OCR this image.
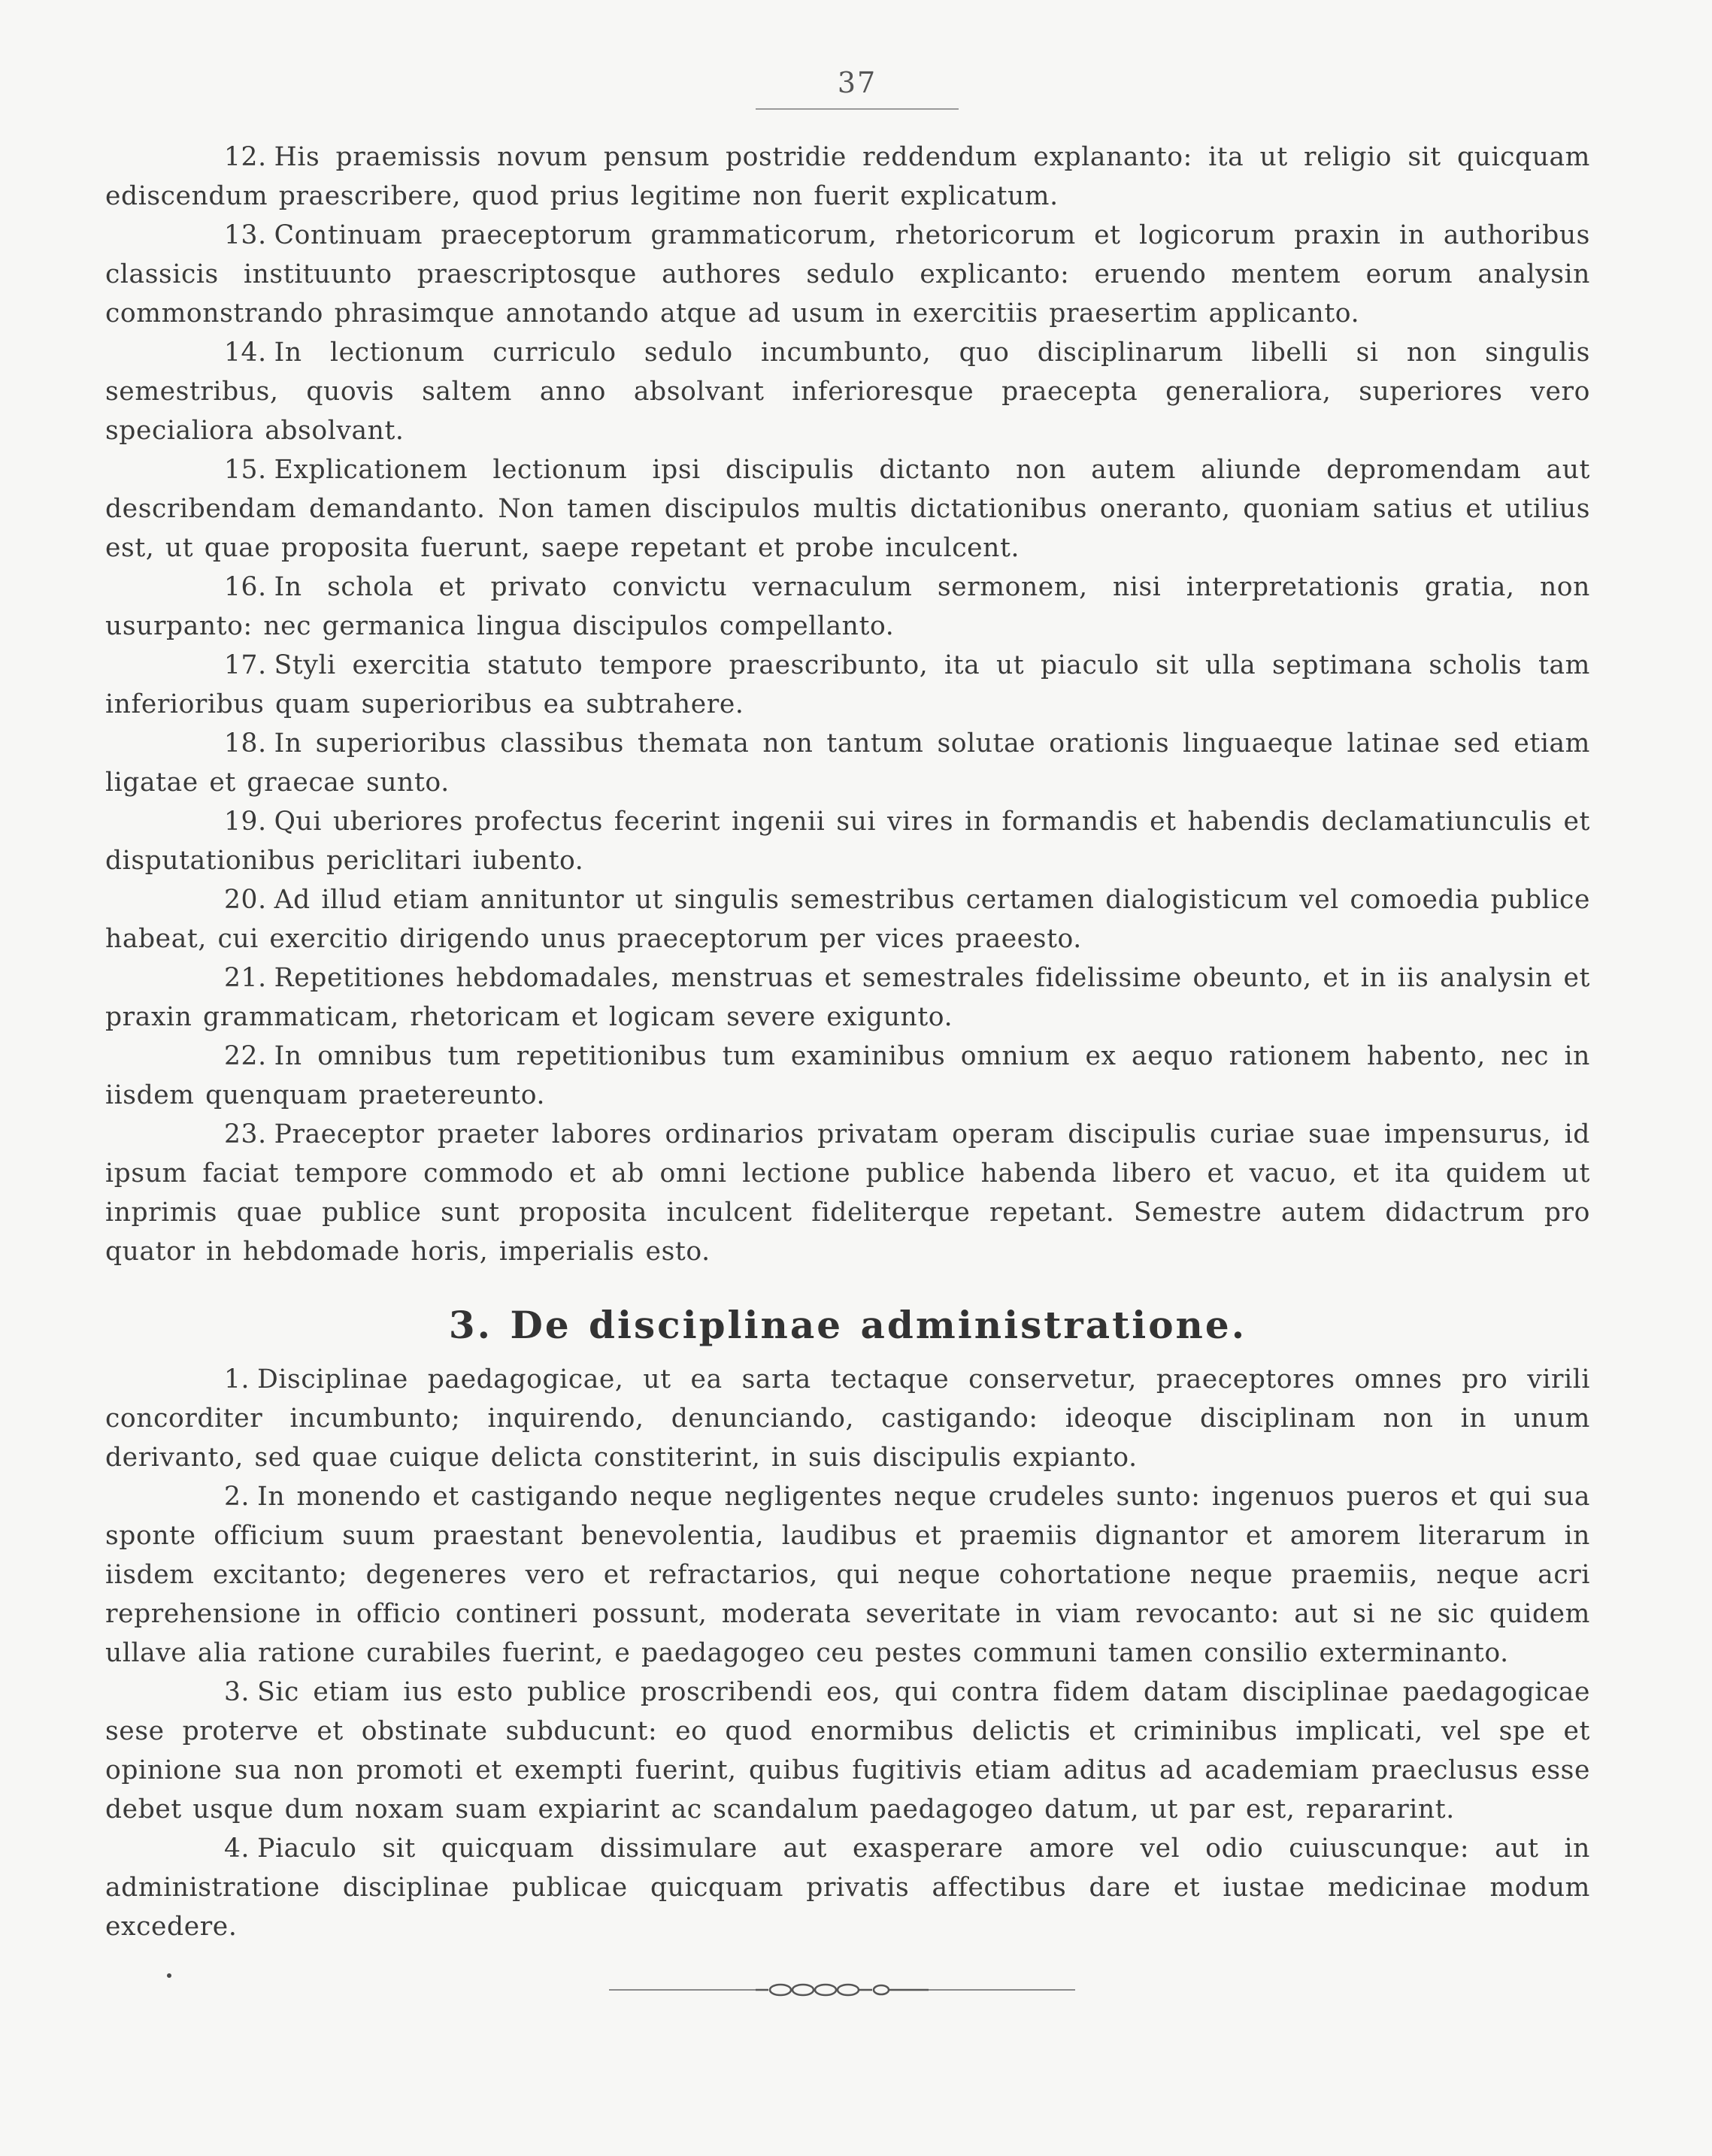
37

12. His praemissis novum pensum postridie reddendum explananto: ita ut religio sit quicquam ediscendum praescribere, quod prius legitime non fuerit explicatum.

13. Continuam praeceptorum grammaticorum, rhetoricorum et logicorum praxin in authoribus classicis instituunto praescriptosque authores sedulo explicanto: eruendo mentem eorum analysin commonstrando phrasimque annotando atque ad usum in exercitiis praesertim applicanto.

14. In lectionum curriculo sedulo incumbunto, quo disciplinarum libelli si non singulis semestribus, quovis saltem anno absolvant inferioresque praecepta generaliora, superiores vero specialiora absolvant.

15. Explicationem lectionum ipsi discipulis dictanto non autem aliunde depromendam aut describendam demandanto. Non tamen discipulos multis dictationibus oneranto, quoniam satius et utilius est, ut quae proposita fuerunt, saepe repetant et probe inculcent.

16. In schola et privato convictu vernaculum sermonem, nisi interpretationis gratia, non usurpanto: nec germanica lingua discipulos compellanto.

17. Styli exercitia statuto tempore praescribunto, ita ut piaculo sit ulla septimana scholis tam inferioribus quam superioribus ea subtrahere.

18. In superioribus classibus themata non tantum solutae orationis linguaeque latinae sed etiam ligatae et graecae sunto.

19. Qui uberiores profectus fecerint ingenii sui vires in formandis et habendis declamatiunculis et disputationibus periclitari iubento.

20. Ad illud etiam annituntor ut singulis semestribus certamen dialogisticum vel comoedia publice habeat, cui exercitio dirigendo unus praeceptorum per vices praeesto.

21. Repetitiones hebdomadales, menstruas et semestrales fidelissime obeunto, et in iis analysin et praxin grammaticam, rhetoricam et logicam severe exigunto.

22. In omnibus tum repetitionibus tum examinibus omnium ex aequo rationem habento, nec in iisdem quenquam praetereunto.

23. Praeceptor praeter labores ordinarios privatam operam discipulis curiae suae impensurus, id ipsum faciat tempore commodo et ab omni lectione publice habenda libero et vacuo, et ita quidem ut inprimis quae publice sunt proposita inculcent fideliterque repetant. Semestre autem didactrum pro quator in hebdomade horis, imperialis esto.

3. De disciplinae administratione.

1. Disciplinae paedagogicae, ut ea sarta tectaque conservetur, praeceptores omnes pro virili concorditer incumbunto; inquirendo, denunciando, castigando: ideoque disciplinam non in unum derivanto, sed quae cuique delicta constiterint, in suis discipulis expianto.

2. In monendo et castigando neque negligentes neque crudeles sunto: ingenuos pueros et qui sua sponte officium suum praestant benevolentia, laudibus et praemiis dignantor et amorem literarum in iisdem excitanto; degeneres vero et refractarios, qui neque cohortatione neque praemiis, neque acri reprehensione in officio contineri possunt, moderata severitate in viam revocanto: aut si ne sic quidem ullave alia ratione curabiles fuerint, e paedagogeo ceu pestes communi tamen consilio exterminanto.

3. Sic etiam ius esto publice proscribendi eos, qui contra fidem datam disciplinae paedagogicae sese proterve et obstinate subducunt: eo quod enormibus delictis et criminibus implicati, vel spe et opinione sua non promoti et exempti fuerint, quibus fugitivis etiam aditus ad academiam praeclusus esse debet usque dum noxam suam expiarint ac scandalum paedagogeo datum, ut par est, repararint.

4. Piaculo sit quicquam dissimulare aut exasperare amore vel odio cuiuscunque: aut in administratione disciplinae publicae quicquam privatis affectibus dare et iustae medicinae modum excedere.
